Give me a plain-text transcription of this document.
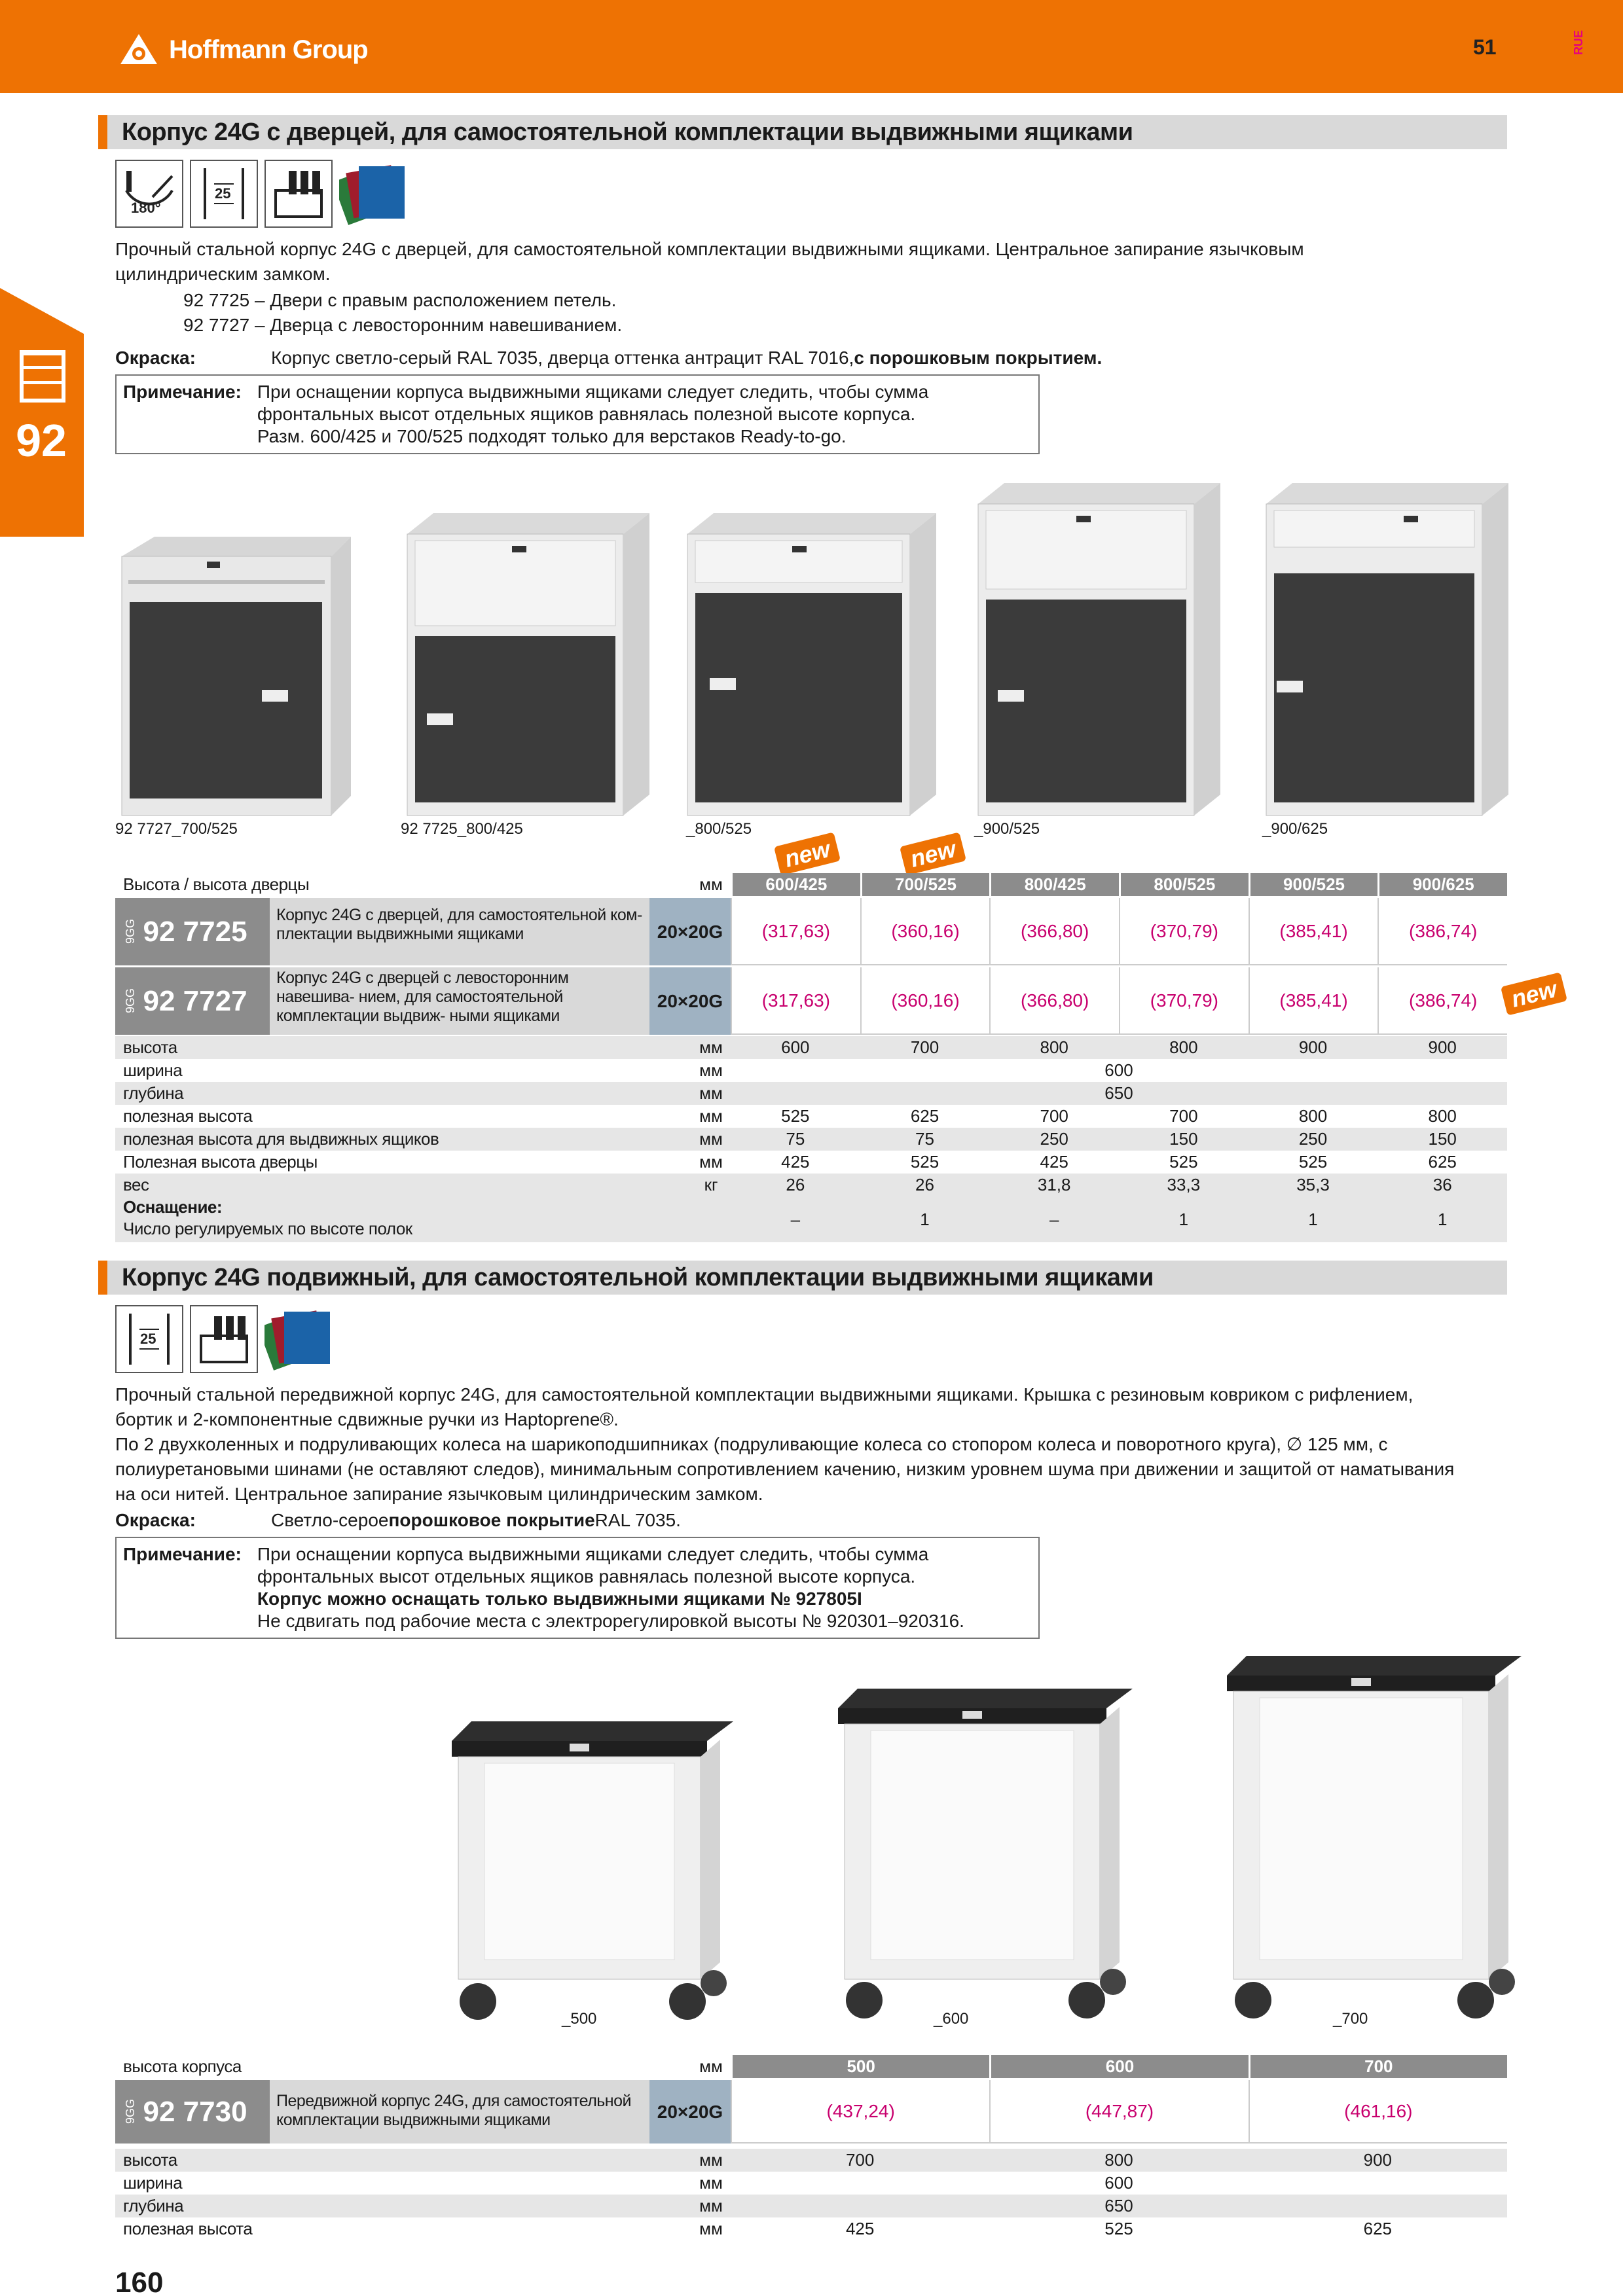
Hoffmann Group	51	RUE
92
Корпус 24G с дверцей, для самостоятельной комплектации выдвижными ящиками
180°
25
Прочный стальной корпус 24G с дверцей, для самостоятельной комплектации выдвижными ящиками. Центральное запирание язычковым
цилиндрическим замком.
92 7725 – Двери с правым расположением петель.
92 7727 – Дверца с левосторонним навешиванием.
Окраска:	Корпус светло-серый RAL 7035, дверца оттенка антрацит RAL 7016, с порошковым покрытием.
Примечание: При оснащении корпуса выдвижными ящиками следует следить, чтобы сумма
фронтальных высот отдельных ящиков равнялась полезной высоте корпуса.
Разм. 600/425 и 700/525 подходят только для верстаков Ready-to-go.
92 7727_700/525	92 7725_800/425	_800/525	_900/525	_900/625
new	new
new
Высота / высота дверцы	мм	600/425	700/525	800/425	800/525	900/525	900/625
9GG 92 7725
Корпус 24G с дверцей, для самостоятельной ком- плектации выдвижными ящиками	20×20G	(317,63)	(360,16)	(366,80)	(370,79)	(385,41)	(386,74)
9GG 92 7727
Корпус 24G с дверцей с левосторонним навешива- нием, для самостоятельной комплектации выдвиж- ными ящиками
20×20G	(317,63)	(360,16)	(366,80)	(370,79)	(385,41)	(386,74)
высота	мм	600	700	800	800	900	900
ширина	мм	600
глубина	мм	650
полезная высота	мм	525	625	700	700	800	800
полезная высота для выдвижных ящиков	мм	75	75	250	150	250	150
Полезная высота дверцы	мм	425	525	425	525	525	625
вес	кг	26	26	31,8	33,3	35,3	36
Оснащение:
Число регулируемых по высоте полок	–	1	–	1	1	1
Корпус 24G подвижный, для самостоятельной комплектации выдвижными ящиками
25
Прочный стальной передвижной корпус 24G, для самостоятельной комплектации выдвижными ящиками. Крышка с резиновым ковриком с рифлением,
бортик и 2-компонентные сдвижные ручки из Haptoprene®.
По 2 двухколенных и подруливающих колеса на шарикоподшипниках (подруливающие колеса со стопором колеса и поворотного круга), ∅ 125 мм, с
полиуретановыми шинами (не оставляют следов), минимальным сопротивлением качению, низким уровнем шума при движении и защитой от наматывания
на оси нитей. Центральное запирание язычковым цилиндрическим замком.
Окраска:	Светло-серое порошковое покрытие RAL 7035.
Примечание: При оснащении корпуса выдвижными ящиками следует следить, чтобы сумма
фронтальных высот отдельных ящиков равнялась полезной высоте корпуса.
Корпус можно оснащать только выдвижными ящиками № 927805I
Не сдвигать под рабочие места с электрорегулировкой высоты № 920301–920316.
_500	_600	_700
высота корпуса	мм	500	600	700
9GG 92 7730	Передвижной корпус 24G, для самостоятельной комплектации выдвижными ящиками	20×20G	(437,24)	(447,87)	(461,16)
высота	мм	700	800	900
ширина	мм	600
глубина	мм	650
полезная высота	мм	425	525	625
160
